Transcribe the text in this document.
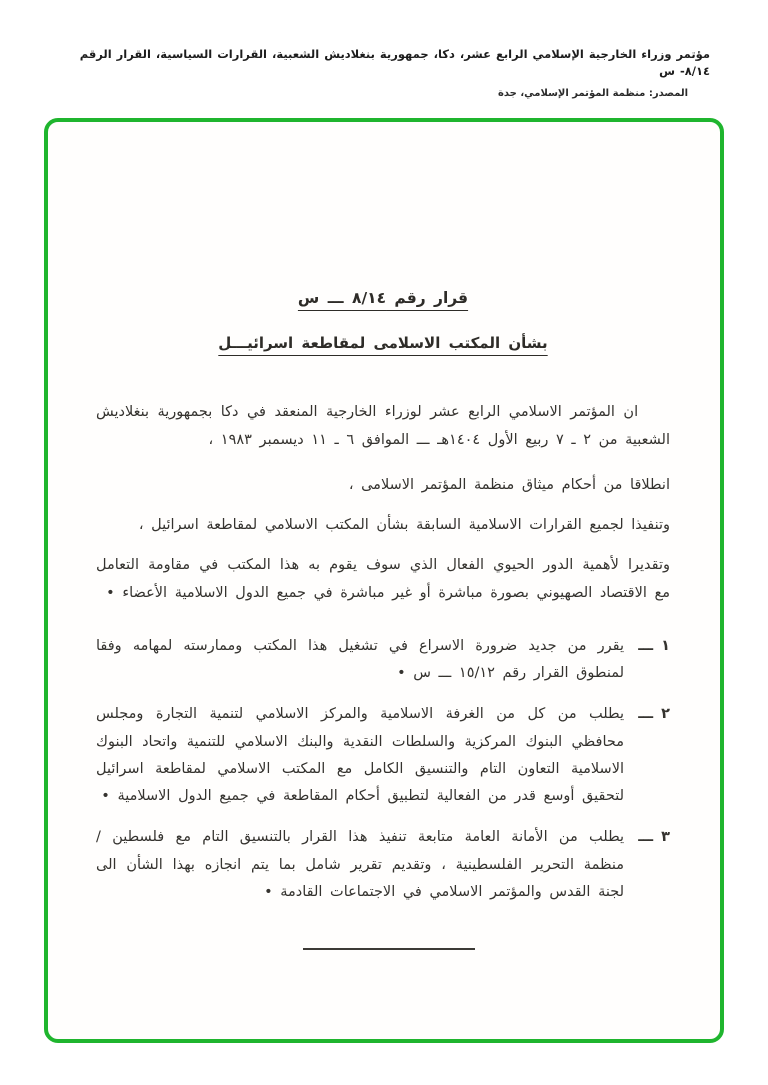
مؤتمر وزراء الخارجية الإسلامي الرابع عشر، دكا، جمهورية بنغلاديش الشعبية، القرارات السياسية، القرار الرقم ٨/١٤- س
المصدر: منظمة المؤتمر الإسلامي، جدة
قرار رقم ٨/١٤ ـــ س
بشأن المكتب الاسلامى لمقاطعة اسرائيـــل

ان المؤتمر الاسلامي الرابع عشر لوزراء الخارجية المنعقد في دكا بجمهورية بنغلاديش الشعبية من ٢ ـ ٧ ربيع الأول ١٤٠٤هـ ـــ الموافق ٦ ـ ١١ ديسمبر ١٩٨٣ ،

انطلاقا من أحكام ميثاق منظمة المؤتمر الاسلامى ،

وتنفيذا لجميع القرارات الاسلامية السابقة بشأن المكتب الاسلامي لمقاطعة اسرائيل ،

وتقديرا لأهمية الدور الحيوي الفعال الذي سوف يقوم به هذا المكتب في مقاومة التعامل مع الاقتصاد الصهيوني بصورة مباشرة أو غير مباشرة في جميع الدول الاسلامية الأعضاء •

١ ـــ
يقرر من جديد ضرورة الاسراع في تشغيل هذا المكتب وممارسته لمهامه وفقا لمنطوق القرار رقم ١٥/١٢ ـــ س •
٢ ـــ
يطلب من كل من الغرفة الاسلامية والمركز الاسلامي لتنمية التجارة ومجلس محافظي البنوك المركزية والسلطات النقدية والبنك الاسلامي للتنمية واتحاد البنوك الاسلامية التعاون التام والتنسيق الكامل مع المكتب الاسلامي لمقاطعة اسرائيل لتحقيق أوسع قدر من الفعالية لتطبيق أحكام المقاطعة في جميع الدول الاسلامية •
٣ ـــ
يطلب من الأمانة العامة متابعة تنفيذ هذا القرار بالتنسيق التام مع فلسطين / منظمة التحرير الفلسطينية ، وتقديم تقرير شامل بما يتم انجازه بهذا الشأن الى لجنة القدس والمؤتمر الاسلامي في الاجتماعات القادمة •
